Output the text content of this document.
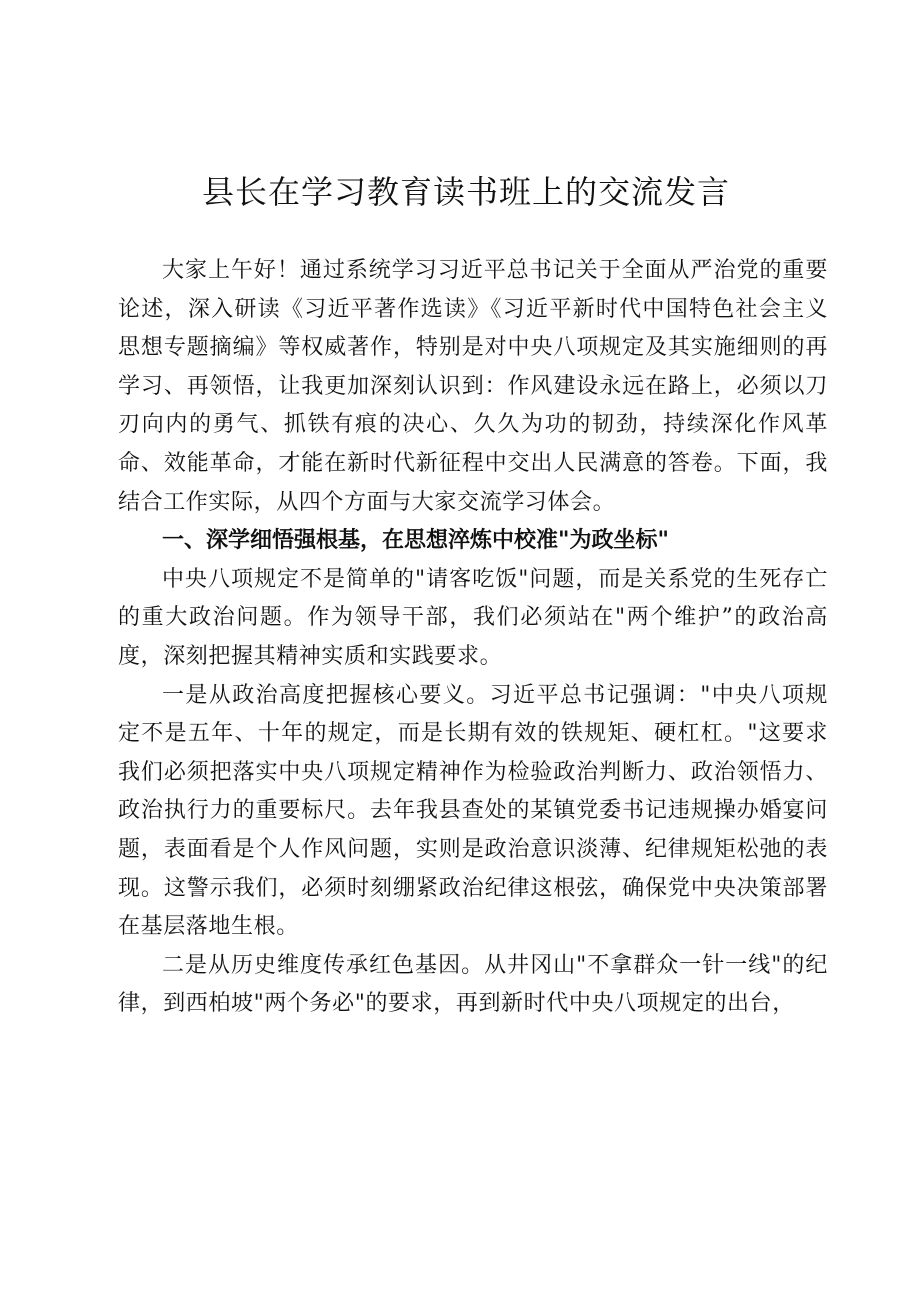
县长在学习教育读书班上的交流发言

大家上午好！通过系统学习习近平总书记关于全面从严治党的重要论述，深入研读《习近平著作选读》《习近平新时代中国特色社会主义思想专题摘编》等权威著作，特别是对中央八项规定及其实施细则的再学习、再领悟，让我更加深刻认识到：作风建设永远在路上，必须以刀刃向内的勇气、抓铁有痕的决心、久久为功的韧劲，持续深化作风革命、效能革命，才能在新时代新征程中交出人民满意的答卷。下面，我结合工作实际，从四个方面与大家交流学习体会。

一、深学细悟强根基，在思想淬炼中校准"为政坐标"

中央八项规定不是简单的"请客吃饭"问题，而是关系党的生死存亡的重大政治问题。作为领导干部，我们必须站在"两个维护”的政治高度，深刻把握其精神实质和实践要求。

一是从政治高度把握核心要义。习近平总书记强调："中央八项规定不是五年、十年的规定，而是长期有效的铁规矩、硬杠杠。"这要求我们必须把落实中央八项规定精神作为检验政治判断力、政治领悟力、政治执行力的重要标尺。去年我县查处的某镇党委书记违规操办婚宴问题，表面看是个人作风问题，实则是政治意识淡薄、纪律规矩松弛的表现。这警示我们，必须时刻绷紧政治纪律这根弦，确保党中央决策部署在基层落地生根。

二是从历史维度传承红色基因。从井冈山"不拿群众一针一线"的纪律，到西柏坡"两个务必"的要求，再到新时代中央八项规定的出台，
